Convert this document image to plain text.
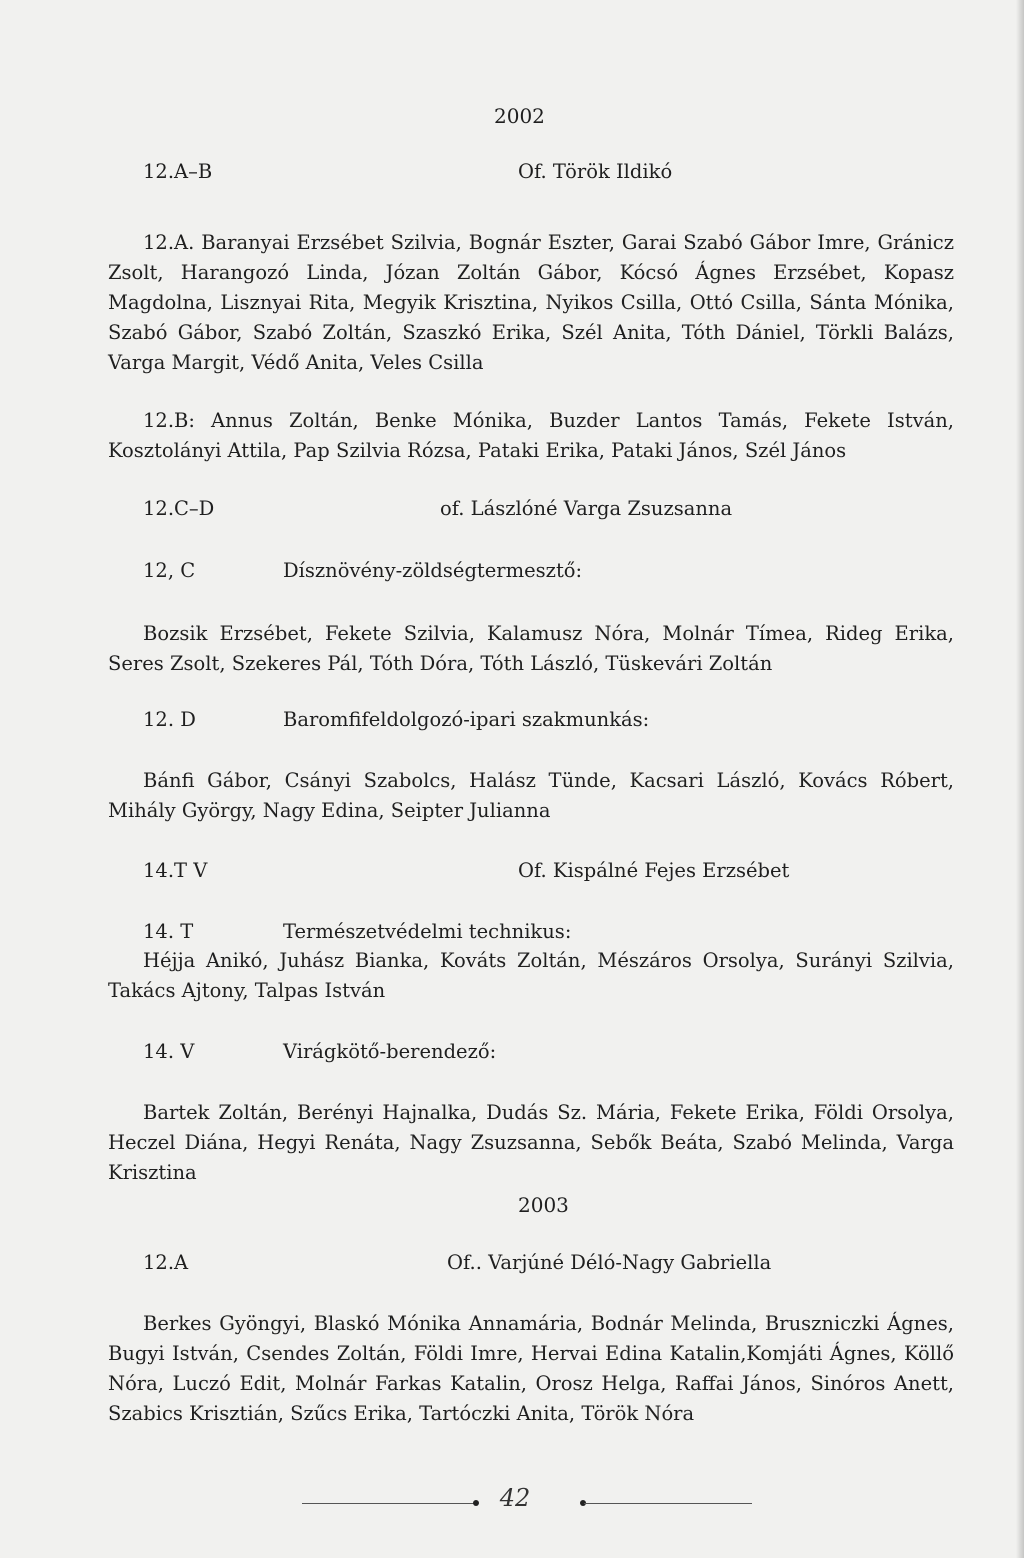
2002
12.A–B	Of. Török Ildikó
12.A. Baranyai Erzsébet Szilvia, Bognár Eszter, Garai Szabó Gábor Imre, Gránicz Zsolt, Harangozó Linda, Józan Zoltán Gábor, Kócsó Ágnes Erzsébet, Kopasz Magdolna, Lisznyai Rita, Megyik Krisztina, Nyikos Csilla, Ottó Csilla, Sánta Mónika, Szabó Gábor, Szabó Zoltán, Szaszkó Erika, Szél Anita, Tóth Dániel, Törkli Balázs, Varga Margit, Védő Anita, Veles Csilla
12.B: Annus Zoltán, Benke Mónika, Buzder Lantos Tamás, Fekete István, Kosztolányi Attila, Pap Szilvia Rózsa, Pataki Erika, Pataki János, Szél János
12.C–D	of. Lászlóné Varga Zsuzsanna
12, C	Dísznövény-zöldségtermesztő:
Bozsik Erzsébet, Fekete Szilvia, Kalamusz Nóra, Molnár Tímea, Rideg Erika, Seres Zsolt, Szekeres Pál, Tóth Dóra, Tóth László, Tüskevári Zoltán
12. D	Baromfifeldolgozó-ipari szakmunkás:
Bánfi Gábor, Csányi Szabolcs, Halász Tünde, Kacsari László, Kovács Róbert, Mihály György, Nagy Edina, Seipter Julianna
14.T V	Of. Kispálné Fejes Erzsébet
14. T	Természetvédelmi technikus:
Héjja Anikó, Juhász Bianka, Kováts Zoltán, Mészáros Orsolya, Surányi Szilvia, Takács Ajtony, Talpas István
14. V	Virágkötő-berendező:
Bartek Zoltán, Berényi Hajnalka, Dudás Sz. Mária, Fekete Erika, Földi Orsolya, Heczel Diána, Hegyi Renáta, Nagy Zsuzsanna, Sebők Beáta, Szabó Melinda, Varga Krisztina
2003
12.A	Of.. Varjúné Déló-Nagy Gabriella
Berkes Gyöngyi, Blaskó Mónika Annamária, Bodnár Melinda, Bruszniczki Ágnes, Bugyi István, Csendes Zoltán, Földi Imre, Hervai Edina Katalin,Komjáti Ágnes, Köllő Nóra, Luczó Edit, Molnár Farkas Katalin, Orosz Helga, Raffai János, Sinóros Anett, Szabics Krisztián, Szűcs Erika, Tartóczki Anita, Török Nóra
42
